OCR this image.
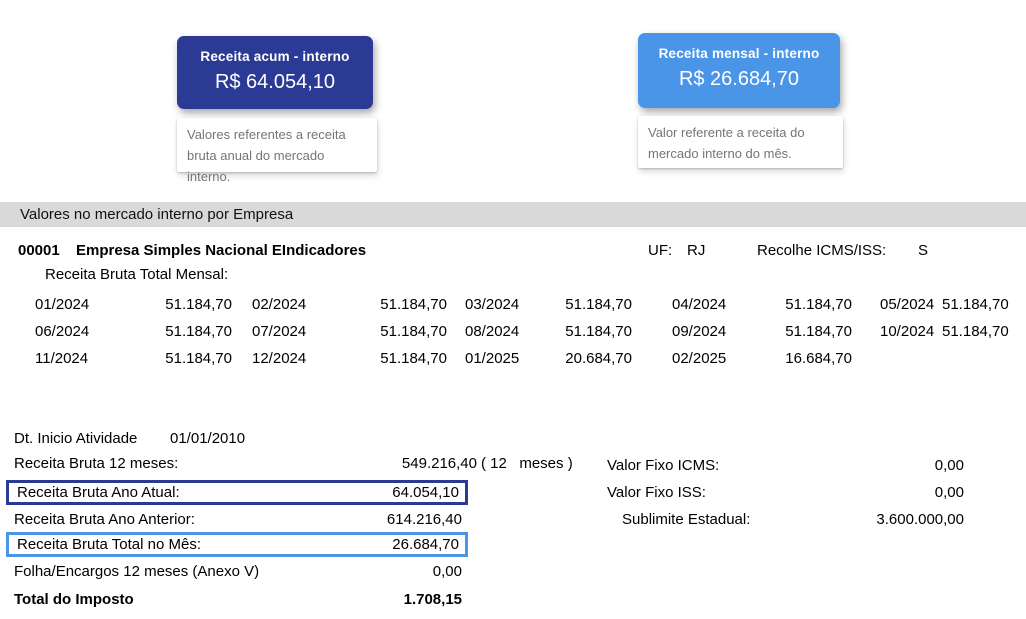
Receita acum - interno
R$ 64.054,10
Valores referentes a receita bruta anual do mercado interno.
Receita mensal - interno
R$ 26.684,70
Valor referente a receita do mercado interno do mês.
Valores no mercado interno por Empresa
00001 Empresa Simples Nacional EIndicadores	UF: RJ	Recolhe ICMS/ISS: S
Receita Bruta Total Mensal:
01/2024	51.184,70	02/2024	51.184,70	03/2024	51.184,70	04/2024	51.184,70	05/2024 51.184,70
06/2024	51.184,70	07/2024	51.184,70	08/2024	51.184,70	09/2024	51.184,70	10/2024 51.184,70
11/2024	51.184,70	12/2024	51.184,70	01/2025	20.684,70	02/2025	16.684,70
Dt. Inicio Atividade 01/01/2010
Receita Bruta 12 meses:	549.216,40 ( 12   meses )
Receita Bruta Ano Atual:	64.054,10
Receita Bruta Ano Anterior:	614.216,40
Receita Bruta Total no Mês:	26.684,70
Folha/Encargos 12 meses (Anexo V)	0,00
Total do Imposto	1.708,15
Valor Fixo ICMS:	0,00
Valor Fixo ISS:	0,00
Sublimite Estadual:	3.600.000,00
